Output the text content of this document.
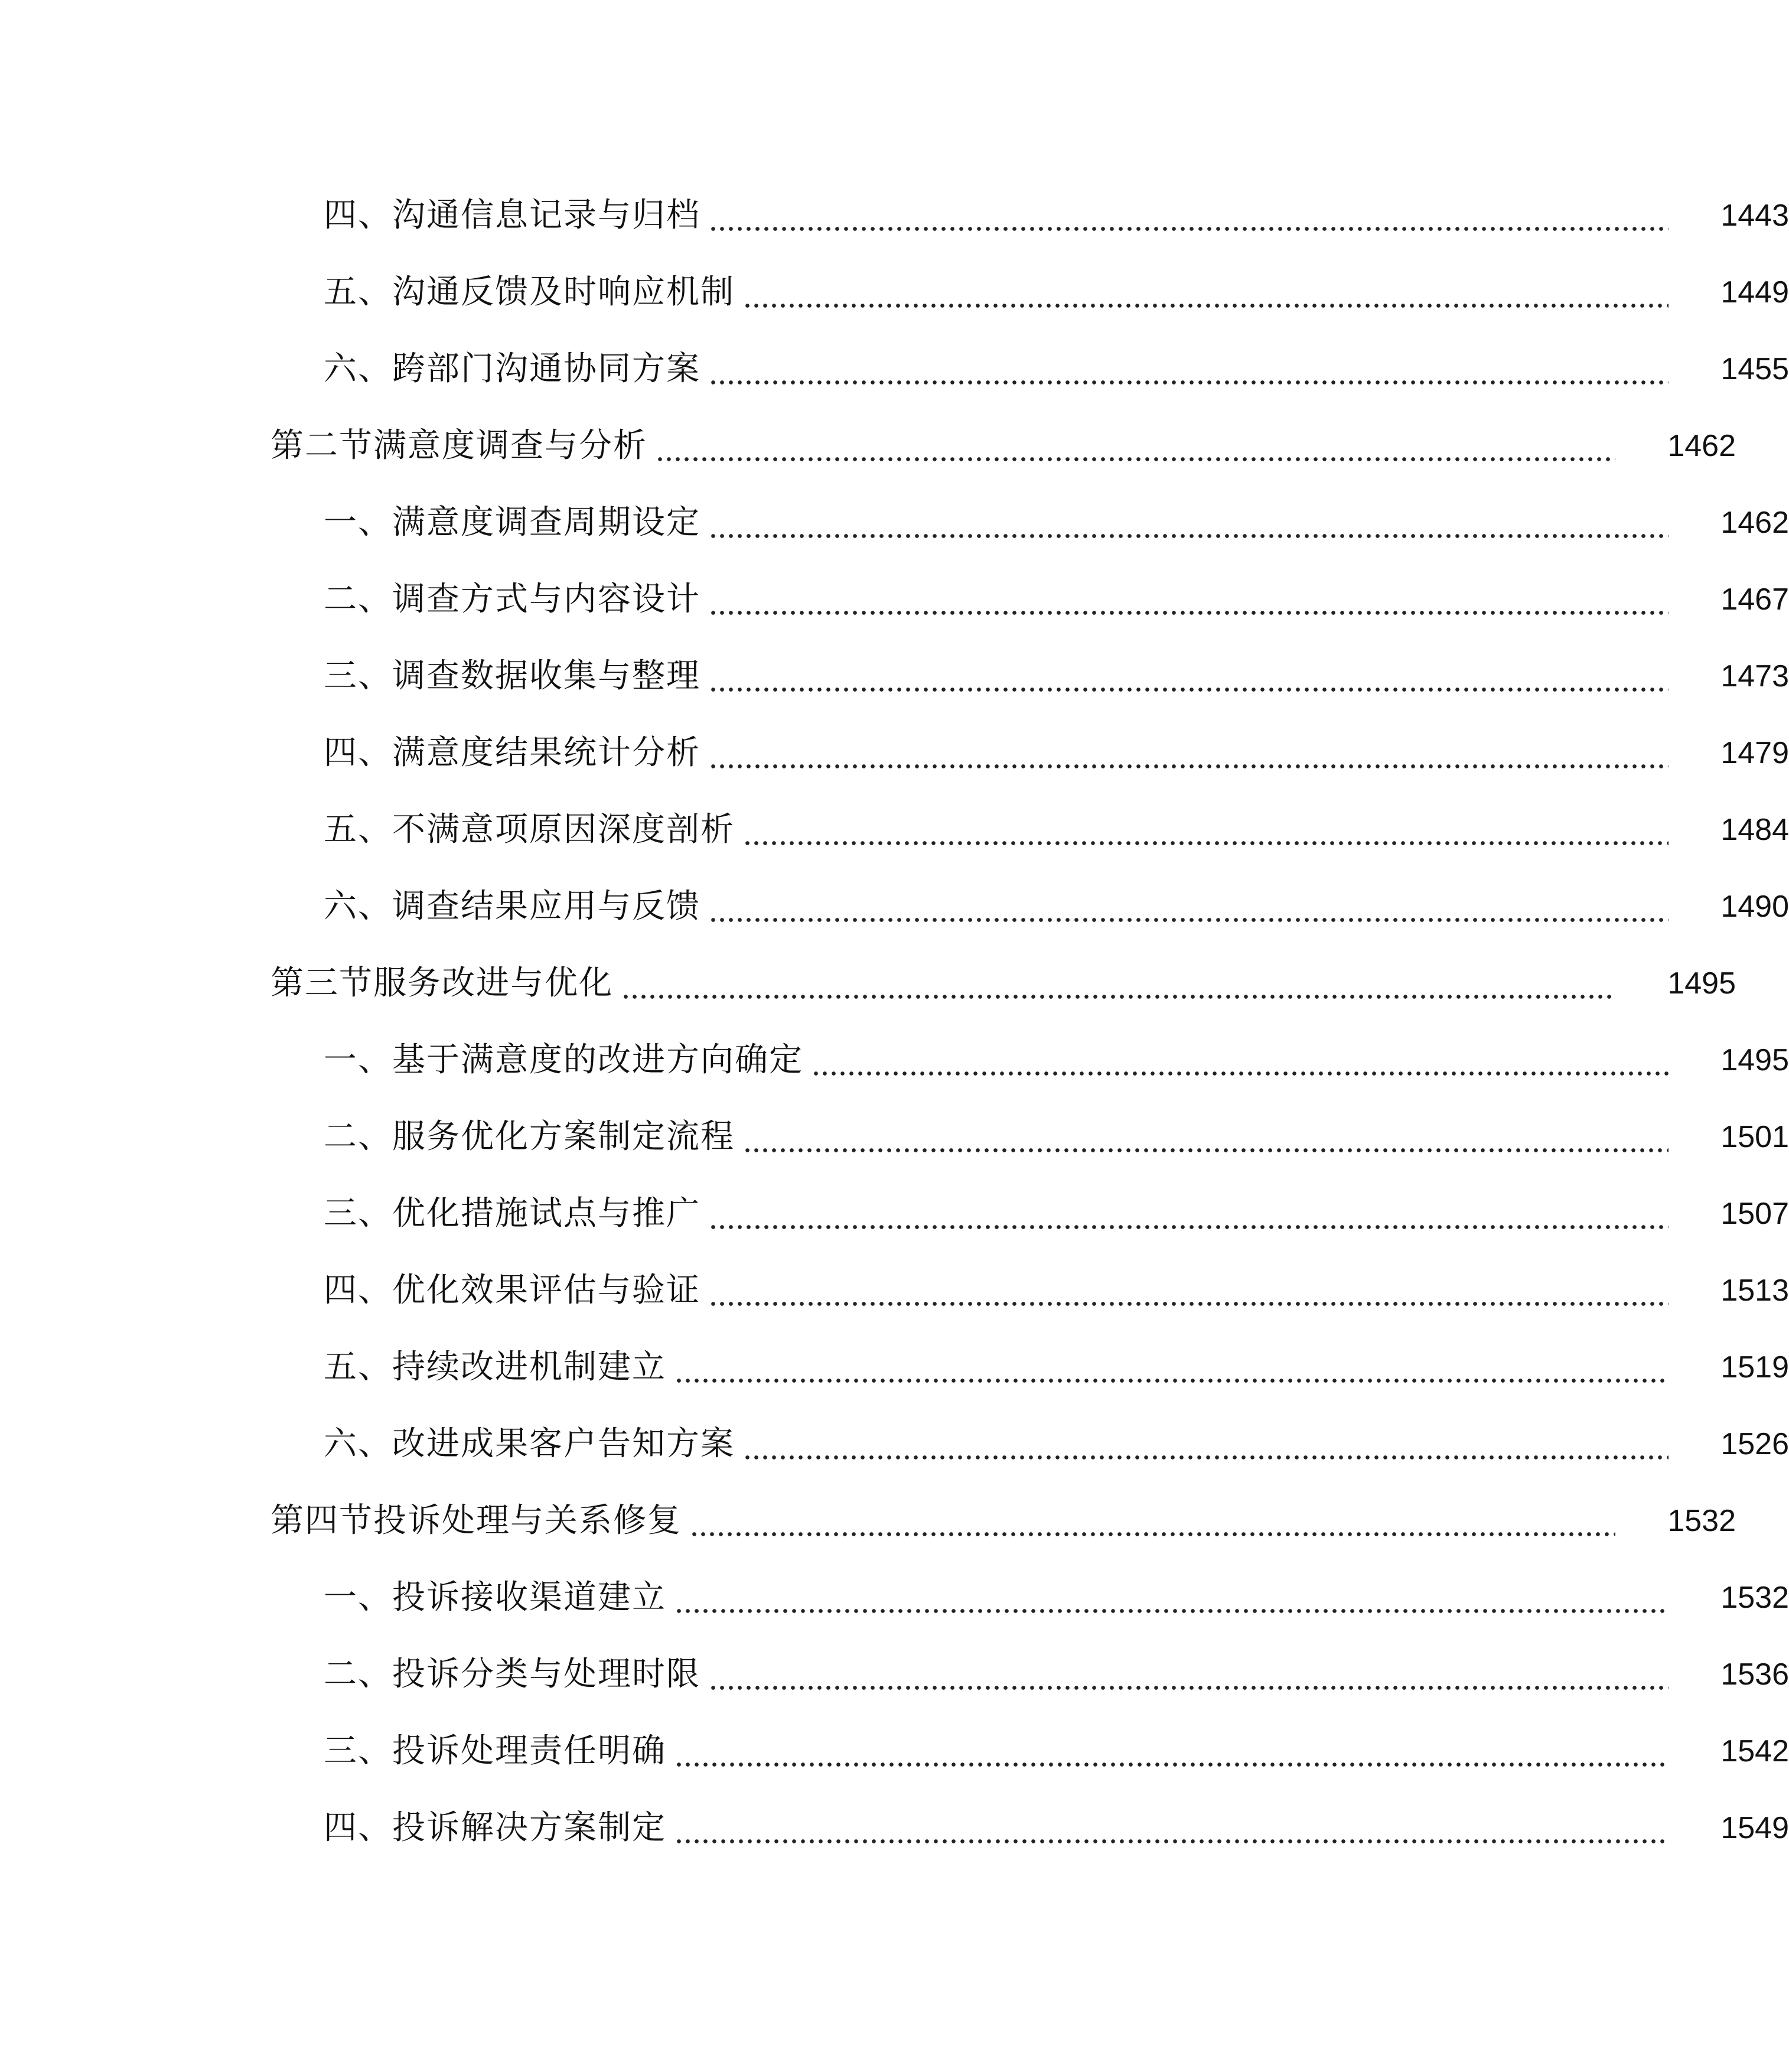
四、沟通信息记录与归档	1443
五、沟通反馈及时响应机制	1449
六、跨部门沟通协同方案	1455
第二节满意度调查与分析	1462
一、满意度调查周期设定	1462
二、调查方式与内容设计	1467
三、调查数据收集与整理	1473
四、满意度结果统计分析	1479
五、不满意项原因深度剖析	1484
六、调查结果应用与反馈	1490
第三节服务改进与优化	1495
一、基于满意度的改进方向确定	1495
二、服务优化方案制定流程	1501
三、优化措施试点与推广	1507
四、优化效果评估与验证	1513
五、持续改进机制建立	1519
六、改进成果客户告知方案	1526
第四节投诉处理与关系修复	1532
一、投诉接收渠道建立	1532
二、投诉分类与处理时限	1536
三、投诉处理责任明确	1542
四、投诉解决方案制定	1549
